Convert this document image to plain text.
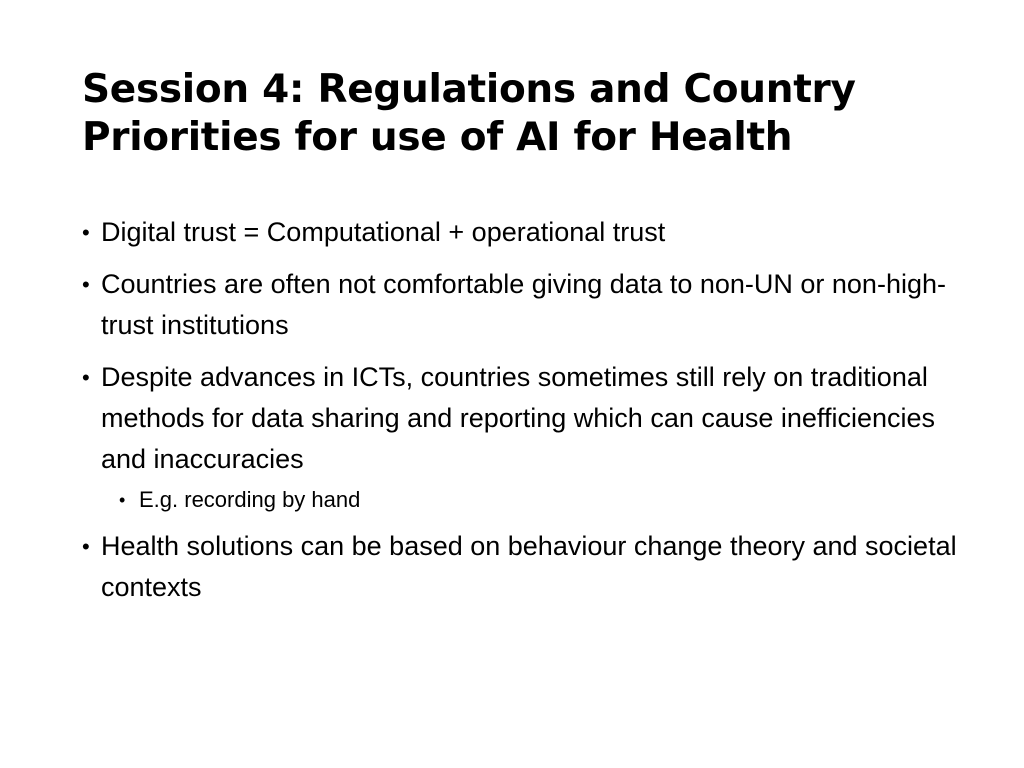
Session 4: Regulations and Country Priorities for use of AI for Health
• Digital trust = Computational + operational trust
• Countries are often not comfortable giving data to non-UN or non-high-trust institutions
• Despite advances in ICTs, countries sometimes still rely on traditional methods for data sharing and reporting which can cause inefficiencies and inaccuracies
• E.g. recording by hand
• Health solutions can be based on behaviour change theory and societal contexts
